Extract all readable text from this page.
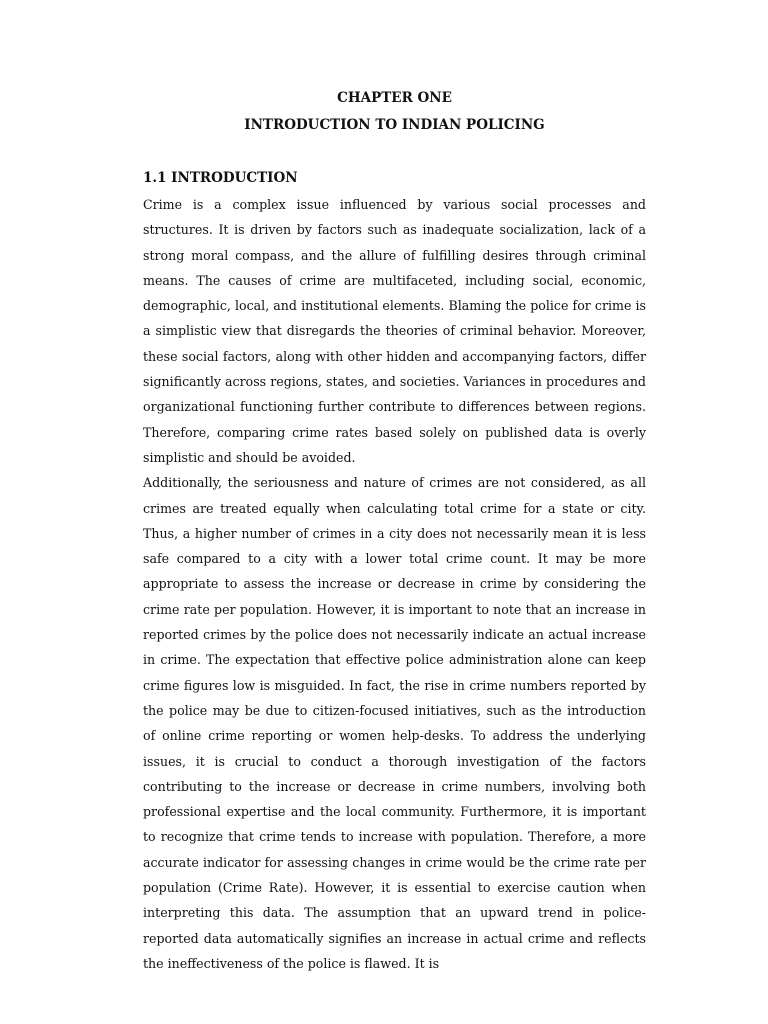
CHAPTER ONE
INTRODUCTION TO INDIAN POLICING
1.1 INTRODUCTION

Crime is a complex issue influenced by various social processes and structures. It is driven by factors such as inadequate socialization, lack of a strong moral compass, and the allure of fulfilling desires through criminal means. The causes of crime are multifaceted, including social, economic, demographic, local, and institutional elements. Blaming the police for crime is a simplistic view that disregards the theories of criminal behavior. Moreover, these social factors, along with other hidden and accompanying factors, differ significantly across regions, states, and societies. Variances in procedures and organizational functioning further contribute to differences between regions. Therefore, comparing crime rates based solely on published data is overly simplistic and should be avoided.

Additionally, the seriousness and nature of crimes are not considered, as all crimes are treated equally when calculating total crime for a state or city. Thus, a higher number of crimes in a city does not necessarily mean it is less safe compared to a city with a lower total crime count. It may be more appropriate to assess the increase or decrease in crime by considering the crime rate per population. However, it is important to note that an increase in reported crimes by the police does not necessarily indicate an actual increase in crime. The expectation that effective police administration alone can keep crime figures low is misguided. In fact, the rise in crime numbers reported by the police may be due to citizen-focused initiatives, such as the introduction of online crime reporting or women help-desks. To address the underlying issues, it is crucial to conduct a thorough investigation of the factors contributing to the increase or decrease in crime numbers, involving both professional expertise and the local community. Furthermore, it is important to recognize that crime tends to increase with population. Therefore, a more accurate indicator for assessing changes in crime would be the crime rate per population (Crime Rate). However, it is essential to exercise caution when interpreting this data. The assumption that an upward trend in police-reported data automatically signifies an increase in actual crime and reflects the ineffectiveness of the police is flawed. It is
